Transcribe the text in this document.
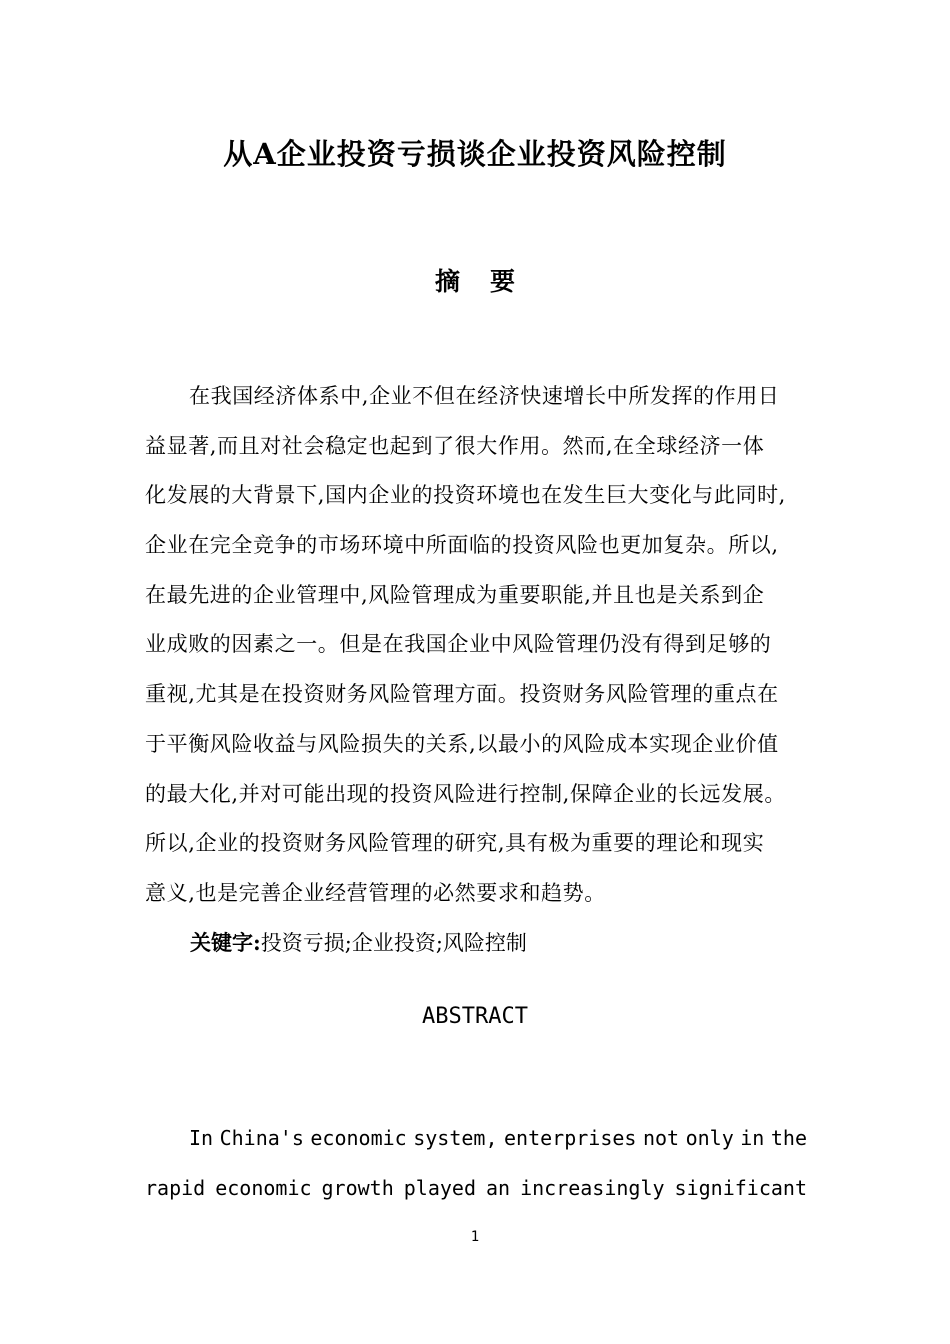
从A企业投资亏损谈企业投资风险控制
摘要
在我国经济体系中,企业不但在经济快速增长中所发挥的作用日
益显著,而且对社会稳定也起到了很大作用。然而,在全球经济一体
化发展的大背景下,国内企业的投资环境也在发生巨大变化与此同时,
企业在完全竞争的市场环境中所面临的投资风险也更加复杂。所以,
在最先进的企业管理中,风险管理成为重要职能,并且也是关系到企
业成败的因素之一。但是在我国企业中风险管理仍没有得到足够的
重视,尤其是在投资财务风险管理方面。投资财务风险管理的重点在
于平衡风险收益与风险损失的关系,以最小的风险成本实现企业价值
的最大化,并对可能出现的投资风险进行控制,保障企业的长远发展。
所以,企业的投资财务风险管理的研究,具有极为重要的理论和现实
意义,也是完善企业经营管理的必然要求和趋势。
关键字:投资亏损;企业投资;风险控制
ABSTRACT
In China's economic system, enterprises not only in the
rapid economic growth played an increasingly significant
1
